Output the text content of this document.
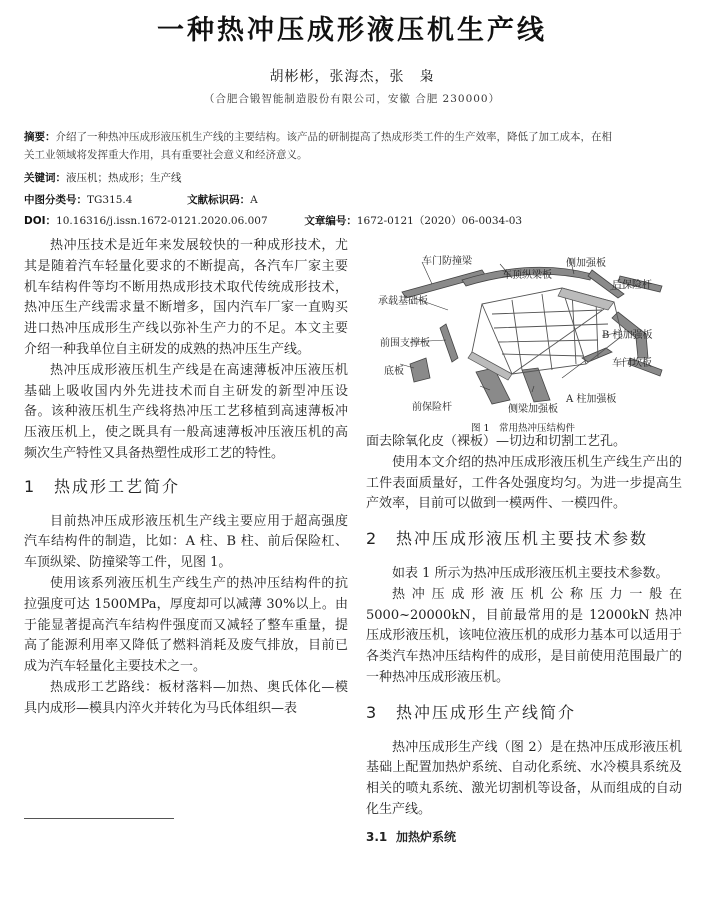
一种热冲压成形液压机生产线
胡彬彬，张海杰，张　枭
（合肥合锻智能制造股份有限公司，安徽 合肥 230000）
摘要：介绍了一种热冲压成形液压机生产线的主要结构。该产品的研制提高了热成形类工件的生产效率，降低了加工成本，在相
关工业领域将发挥重大作用，具有重要社会意义和经济意义。
关键词：液压机；热成形；生产线
中图分类号：TG315.4	文献标识码：A
DOI：10.16316/j.issn.1672-0121.2020.06.007	文章编号：1672-0121（2020）06-0034-03

热冲压技术是近年来发展较快的一种成形技术，尤其是随着汽车轻量化要求的不断提高，各汽车厂家主要机车结构件等均不断用热成形技术取代传统成形技术，热冲压生产线需求量不断增多，国内汽车厂家一直购买进口热冲压成形生产线以弥补生产力的不足。本文主要介绍一种我单位自主研发的成熟的热冲压生产线。

热冲压成形液压机生产线是在高速薄板冲压液压机基础上吸收国内外先进技术而自主研发的新型冲压设备。该种液压机生产线将热冲压工艺移植到高速薄板冲压液压机上，使之既具有一般高速薄板冲压液压机的高频次生产特性又具备热塑性成形工艺的特性。

1 热成形工艺简介

目前热冲压成形液压机生产线主要应用于超高强度汽车结构件的制造，比如：A 柱、B 柱、前后保险杠、车顶纵梁、防撞梁等工件，见图 1。

使用该系列液压机生产线生产的热冲压结构件的抗拉强度可达 1500MPa，厚度却可以减薄 30%以上。由于能显著提高汽车结构件强度而又减轻了整车重量，提高了能源利用率又降低了燃料消耗及废气排放，目前已成为汽车轻量化主要技术之一。

热成形工艺路线：板材落料—加热、奥氏体化—模具内成形—模具内淬火并转化为马氏体组织—表

车门防撞梁
车顶纵梁板
侧加强板
后保险杆
承载基础板
前围支撑板
B 柱加强板
底板
车门坎板
前保险杆	侧梁加强板
A 柱加强板
图 1　常用热冲压结构件

面去除氧化皮（裸板）—切边和切割工艺孔。

使用本文介绍的热冲压成形液压机生产线生产出的工件表面质量好，工件各处强度均匀。为进一步提高生产效率，目前可以做到一模两件、一模四件。

2 热冲压成形液压机主要技术参数

如表 1 所示为热冲压成形液压机主要技术参数。

热冲压成形液压机公称压力一般在 5000~20000kN，目前最常用的是 12000kN 热冲压成形液压机，该吨位液压机的成形力基本可以适用于各类汽车热冲压结构件的成形，是目前使用范围最广的一种热冲压成形液压机。

3 热冲压成形生产线简介

热冲压成形生产线（图 2）是在热冲压成形液压机基础上配置加热炉系统、自动化系统、水冷模具系统及相关的喷丸系统、激光切割机等设备，从而组成的自动化生产线。

3.1 加热炉系统
